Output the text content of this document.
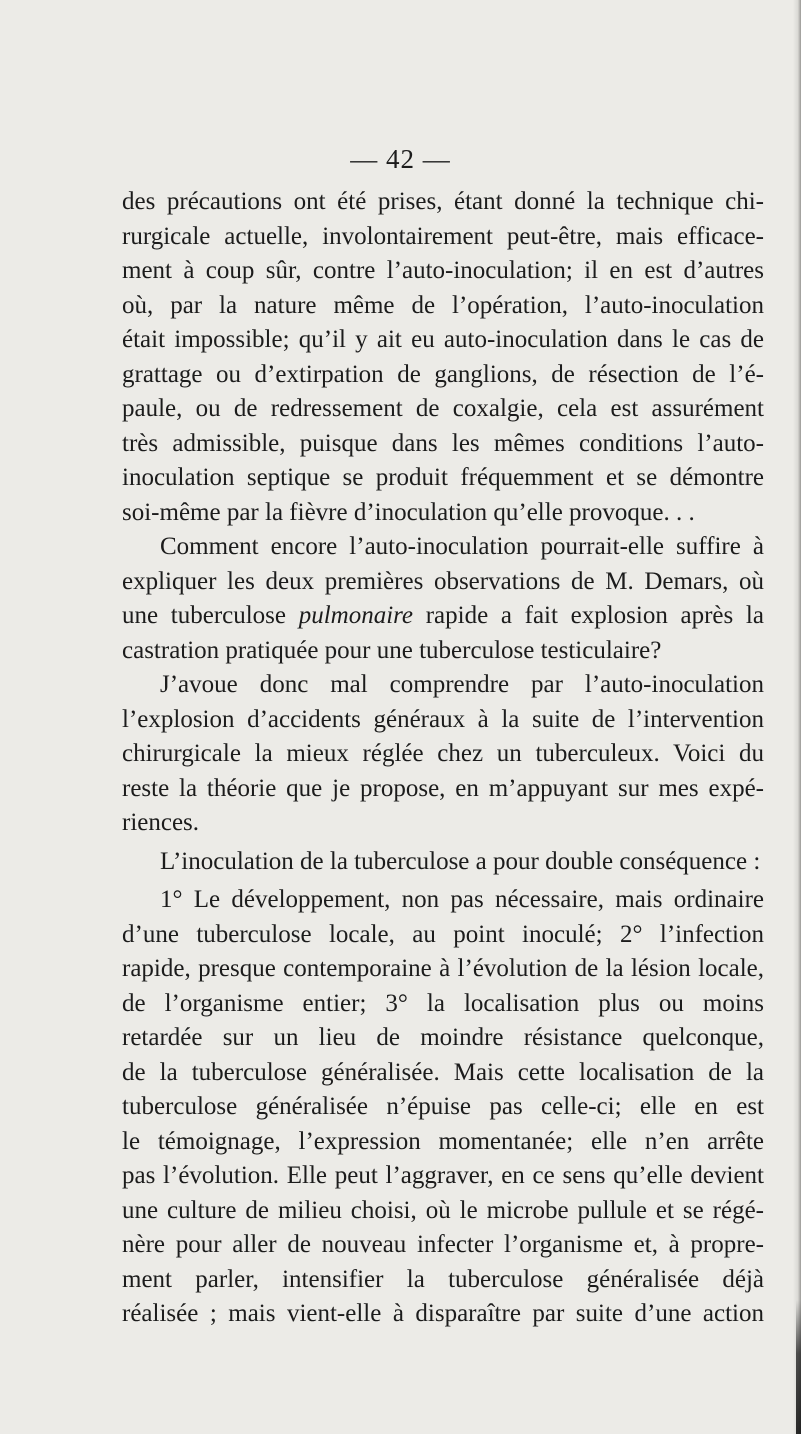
— 42 —
des précautions ont été prises, étant donné la technique chi-
rurgicale actuelle, involontairement peut-être, mais efficace-
ment à coup sûr, contre l’auto-inoculation; il en est d’autres
où, par la nature même de l’opération, l’auto-inoculation
était impossible; qu’il y ait eu auto-inoculation dans le cas de
grattage ou d’extirpation de ganglions, de résection de l’é-
paule, ou de redressement de coxalgie, cela est assurément
très admissible, puisque dans les mêmes conditions l’auto-
inoculation septique se produit fréquemment et se démontre
soi-même par la fièvre d’inoculation qu’elle provoque. . .
Comment encore l’auto-inoculation pourrait-elle suffire à
expliquer les deux premières observations de M. Demars, où
une tuberculose pulmonaire rapide a fait explosion après la
castration pratiquée pour une tuberculose testiculaire?
J’avoue donc mal comprendre par l’auto-inoculation
l’explosion d’accidents généraux à la suite de l’intervention
chirurgicale la mieux réglée chez un tuberculeux. Voici du
reste la théorie que je propose, en m’appuyant sur mes expé-
riences.
L’inoculation de la tuberculose a pour double conséquence :
1° Le développement, non pas nécessaire, mais ordinaire
d’une tuberculose locale, au point inoculé; 2° l’infection
rapide, presque contemporaine à l’évolution de la lésion locale,
de l’organisme entier; 3° la localisation plus ou moins
retardée sur un lieu de moindre résistance quelconque,
de la tuberculose généralisée. Mais cette localisation de la
tuberculose généralisée n’épuise pas celle-ci; elle en est
le témoignage, l’expression momentanée; elle n’en arrête
pas l’évolution. Elle peut l’aggraver, en ce sens qu’elle devient
une culture de milieu choisi, où le microbe pullule et se régé-
nère pour aller de nouveau infecter l’organisme et, à propre-
ment parler, intensifier la tuberculose généralisée déjà
réalisée ; mais vient-elle à disparaître par suite d’une action
